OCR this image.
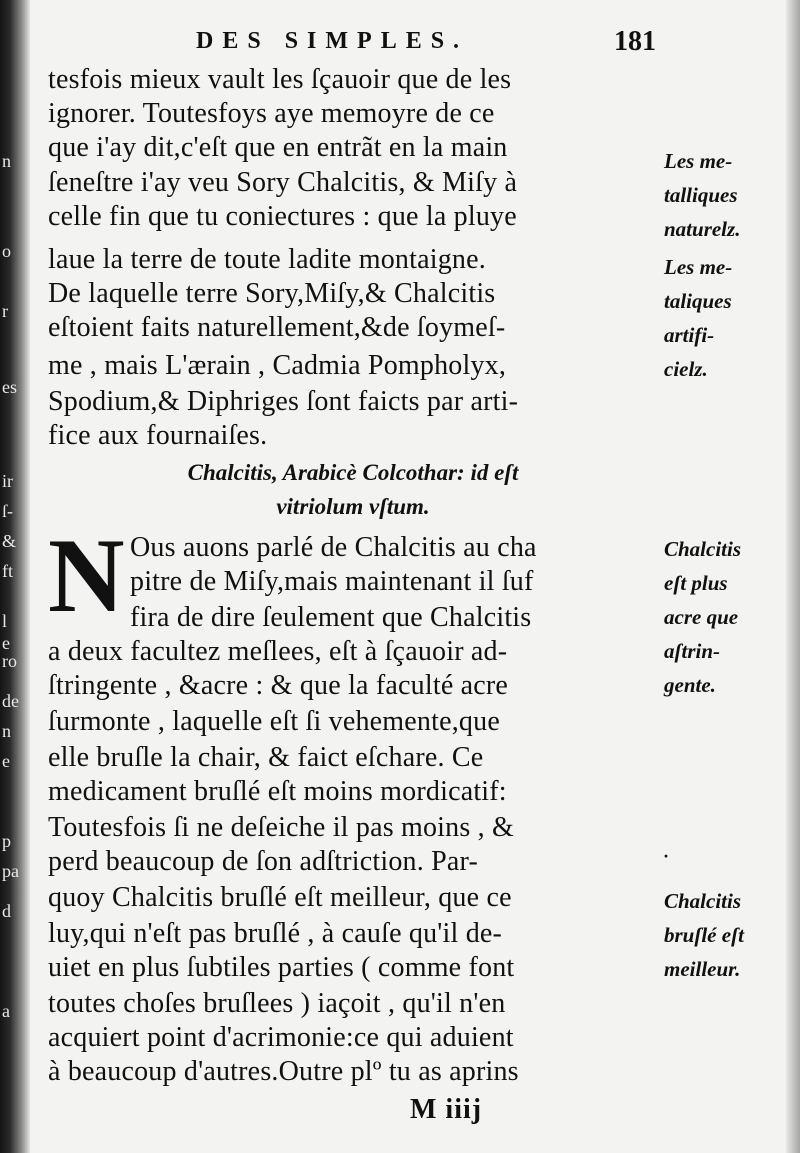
n
o
r
es
ir
ſ-
&
ft
l
e
ro
de
n
e
p
pa
d
a
DES SIMPLES.	181
tesfois mieux vault les ſçauoir que de les
ignorer. Toutesfoys aye memoyre de ce
que i'ay dit,c'eſt que en entrãt en la main
ſeneſtre i'ay veu Sory Chalcitis, & Miſy à
celle fin que tu coniectures : que la pluye
laue la terre de toute ladite montaigne.
De laquelle terre Sory,Miſy,& Chalcitis
eſtoient faits naturellement,&de ſoymeſ-
me , mais L'ærain , Cadmia Pompholyx,
Spodium,& Diphriges ſont faicts par arti-
fice aux fournaiſes.
Chalcitis, Arabicè Colcothar: id eſt
vitriolum vſtum.
N Ous auons parlé de Chalcitis au cha
pitre de Miſy,mais maintenant il ſuf
fira de dire ſeulement que Chalcitis
a deux facultez meſlees, eſt à ſçauoir ad-
ſtringente , &acre : & que la faculté acre
ſurmonte , laquelle eſt ſi vehemente,que
elle bruſle la chair, & faict eſchare. Ce
medicament bruſlé eſt moins mordicatif:
Toutesfois ſi ne deſeiche il pas moins , &
perd beaucoup de ſon adſtriction. Par-
quoy Chalcitis bruſlé eſt meilleur, que ce
luy,qui n'eſt pas bruſlé , à cauſe qu'il de-
uiet en plus ſubtiles parties ( comme font
toutes choſes bruſlees ) iaçoit , qu'il n'en
acquiert point d'acrimonie:ce qui aduient
à beaucoup d'autres.Outre plº tu as aprins
Les me-
talliques
naturelz.
Les me-
taliques
artifi-
cielz.
Chalcitis
eſt plus
acre que
aſtrin-
gente.
·
Chalcitis
bruſlé eſt
meilleur.
M iiij
